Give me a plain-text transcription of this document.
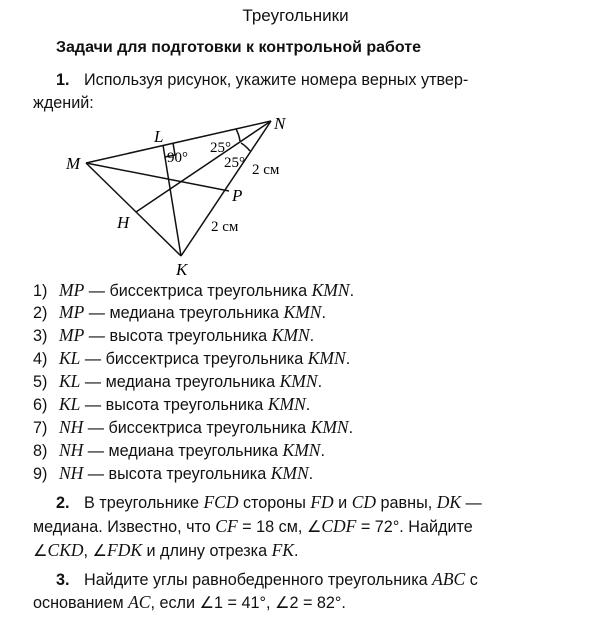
Треугольники
Задачи для подготовки к контрольной работе
1. Используя рисунок, укажите номера верных утвер-
ждений:
M
L
N
P
H
K
90°
25°
25° 2 см
2 см
1) MP — биссектриса треугольника KMN.
2) MP — медиана треугольника KMN.
3) MP — высота треугольника KMN.
4) KL — биссектриса треугольника KMN.
5) KL — медиана треугольника KMN.
6) KL — высота треугольника KMN.
7) NH — биссектриса треугольника KMN.
8) NH — медиана треугольника KMN.
9) NH — высота треугольника KMN.
2. В треугольнике FCD стороны FD и CD равны, DK —
медиана. Известно, что CF = 18 см, ∠CDF = 72°. Найдите
∠CKD, ∠FDK и длину отрезка FK.
3. Найдите углы равнобедренного треугольника ABC с
основанием AC, если ∠1 = 41°, ∠2 = 82°.
